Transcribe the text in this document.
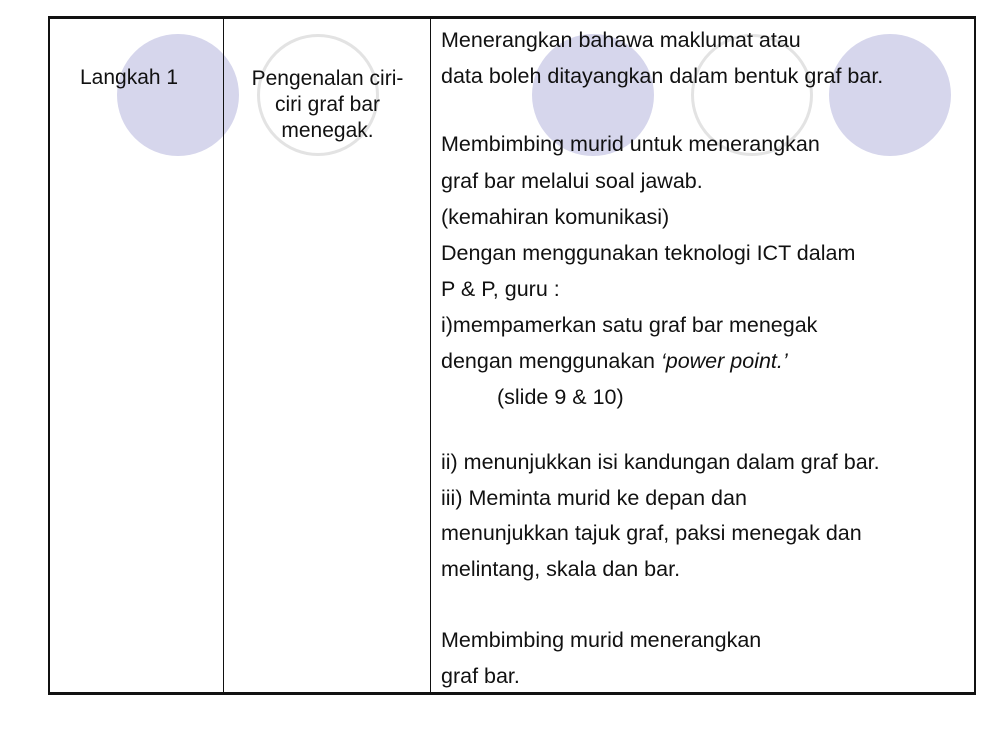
Langkah 1	Pengenalan ciri-
ciri graf bar
menegak.
Menerangkan bahawa maklumat atau
data boleh ditayangkan dalam bentuk graf bar.
Membimbing murid untuk menerangkan
graf bar melalui soal jawab.
(kemahiran komunikasi)
Dengan menggunakan teknologi ICT dalam
P & P, guru :
i)mempamerkan satu graf bar menegak
dengan menggunakan ‘power point.’
(slide 9 & 10)
ii) menunjukkan isi kandungan dalam graf bar.
iii) Meminta murid ke depan dan
menunjukkan tajuk graf, paksi menegak dan
melintang, skala dan bar.
Membimbing murid menerangkan
graf bar.
